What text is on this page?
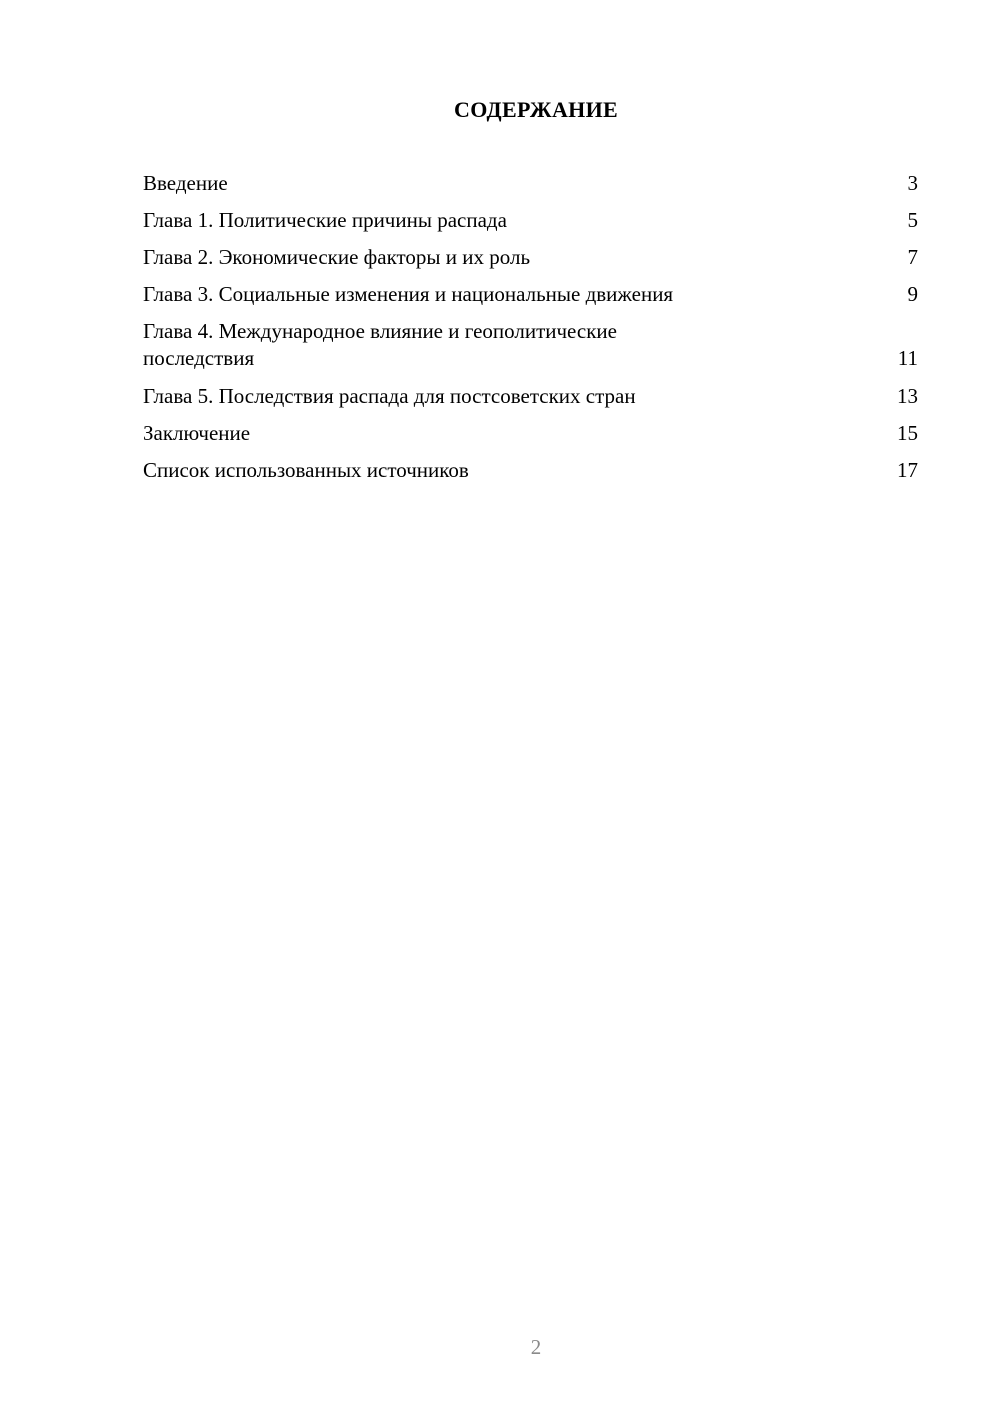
СОДЕРЖАНИЕ
Введение	3
Глава 1. Политические причины распада	5
Глава 2. Экономические факторы и их роль	7
Глава 3. Социальные изменения и национальные движения	9
Глава 4. Международное влияние и геополитические последствия	11
Глава 5. Последствия распада для постсоветских стран	13
Заключение	15
Список использованных источников	17
2
